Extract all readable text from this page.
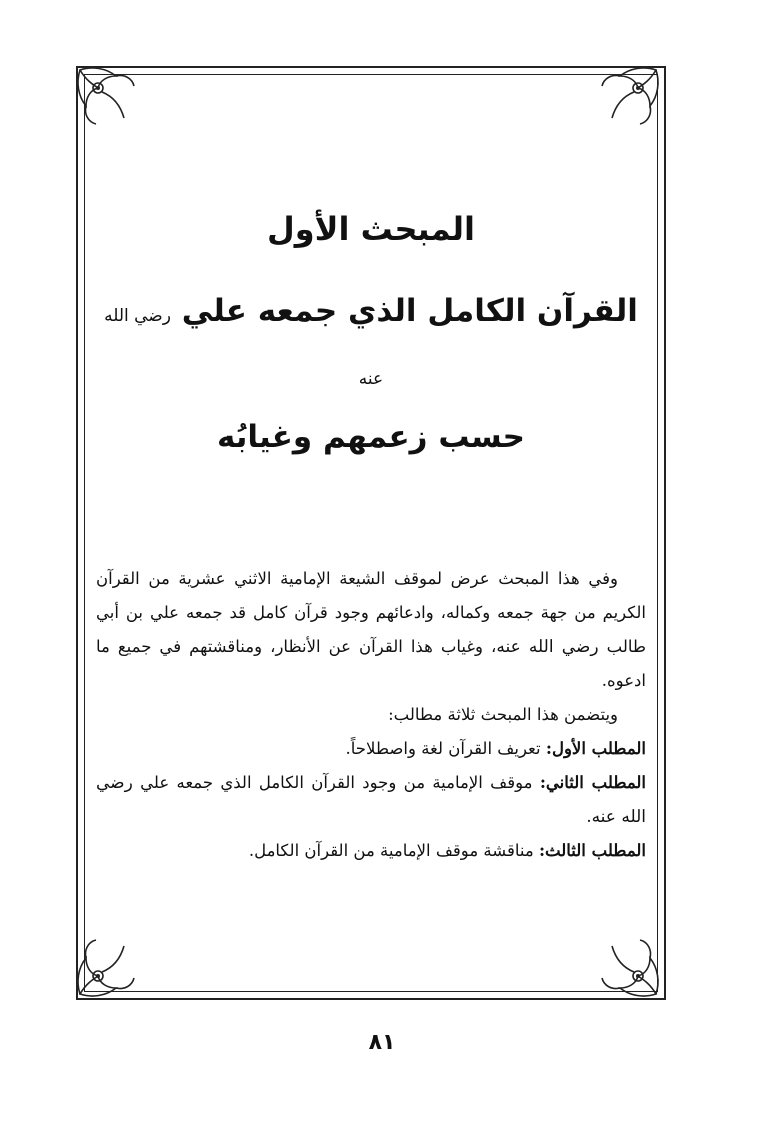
المبحث الأول

القرآن الكامل الذي جمعه علي رضي الله عنه

حسب زعمهم وغيابُه

وفي هذا المبحث عرض لموقف الشيعة الإمامية الاثني عشرية من القرآن الكريم من جهة جمعه وكماله، وادعائهم وجود قرآن كامل قد جمعه علي بن أبي طالب رضي الله عنه، وغياب هذا القرآن عن الأنظار، ومناقشتهم في جميع ما ادعوه.

ويتضمن هذا المبحث ثلاثة مطالب:

المطلب الأول: تعريف القرآن لغة واصطلاحاً.

المطلب الثاني: موقف الإمامية من وجود القرآن الكامل الذي جمعه علي رضي الله عنه.

المطلب الثالث: مناقشة موقف الإمامية من القرآن الكامل.

٨١
